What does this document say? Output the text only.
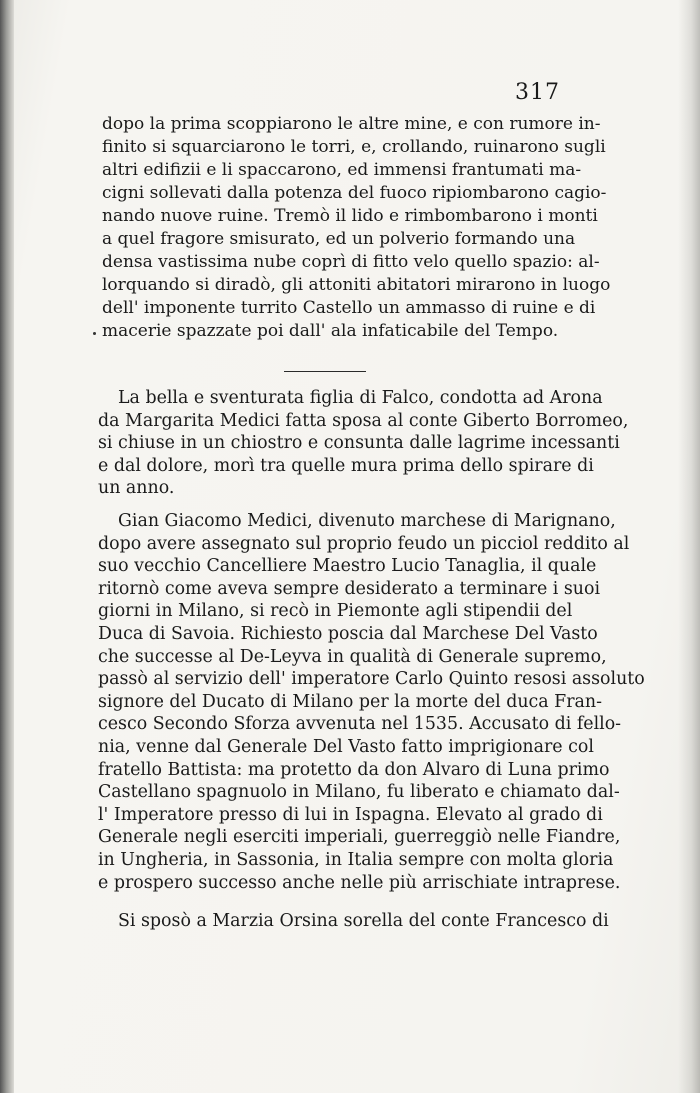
317
dopo la prima scoppiarono le altre mine, e con rumore in-
finito si squarciarono le torri, e, crollando, ruinarono sugli
altri edifizii e li spaccarono, ed immensi frantumati ma-
cigni sollevati dalla potenza del fuoco ripiombarono cagio-
nando nuove ruine. Tremò il lido e rimbombarono i monti
a quel fragore smisurato, ed un polverio formando una
densa vastissima nube coprì di fitto velo quello spazio: al-
lorquando si diradò, gli attoniti abitatori mirarono in luogo
dell' imponente turrito Castello un ammasso di ruine e di
macerie spazzate poi dall' ala infaticabile del Tempo.
La bella e sventurata figlia di Falco, condotta ad Arona
da Margarita Medici fatta sposa al conte Giberto Borromeo,
si chiuse in un chiostro e consunta dalle lagrime incessanti
e dal dolore, morì tra quelle mura prima dello spirare di
un anno.
Gian Giacomo Medici, divenuto marchese di Marignano,
dopo avere assegnato sul proprio feudo un picciol reddito al
suo vecchio Cancelliere Maestro Lucio Tanaglia, il quale
ritornò come aveva sempre desiderato a terminare i suoi
giorni in Milano, si recò in Piemonte agli stipendii del
Duca di Savoia. Richiesto poscia dal Marchese Del Vasto
che successe al De-Leyva in qualità di Generale supremo,
passò al servizio dell' imperatore Carlo Quinto resosi assoluto
signore del Ducato di Milano per la morte del duca Fran-
cesco Secondo Sforza avvenuta nel 1535. Accusato di fello-
nia, venne dal Generale Del Vasto fatto imprigionare col
fratello Battista: ma protetto da don Alvaro di Luna primo
Castellano spagnuolo in Milano, fu liberato e chiamato dal-
l' Imperatore presso di lui in Ispagna. Elevato al grado di
Generale negli eserciti imperiali, guerreggiò nelle Fiandre,
in Ungheria, in Sassonia, in Italia sempre con molta gloria
e prospero successo anche nelle più arrischiate intraprese.
Si sposò a Marzia Orsina sorella del conte Francesco di
